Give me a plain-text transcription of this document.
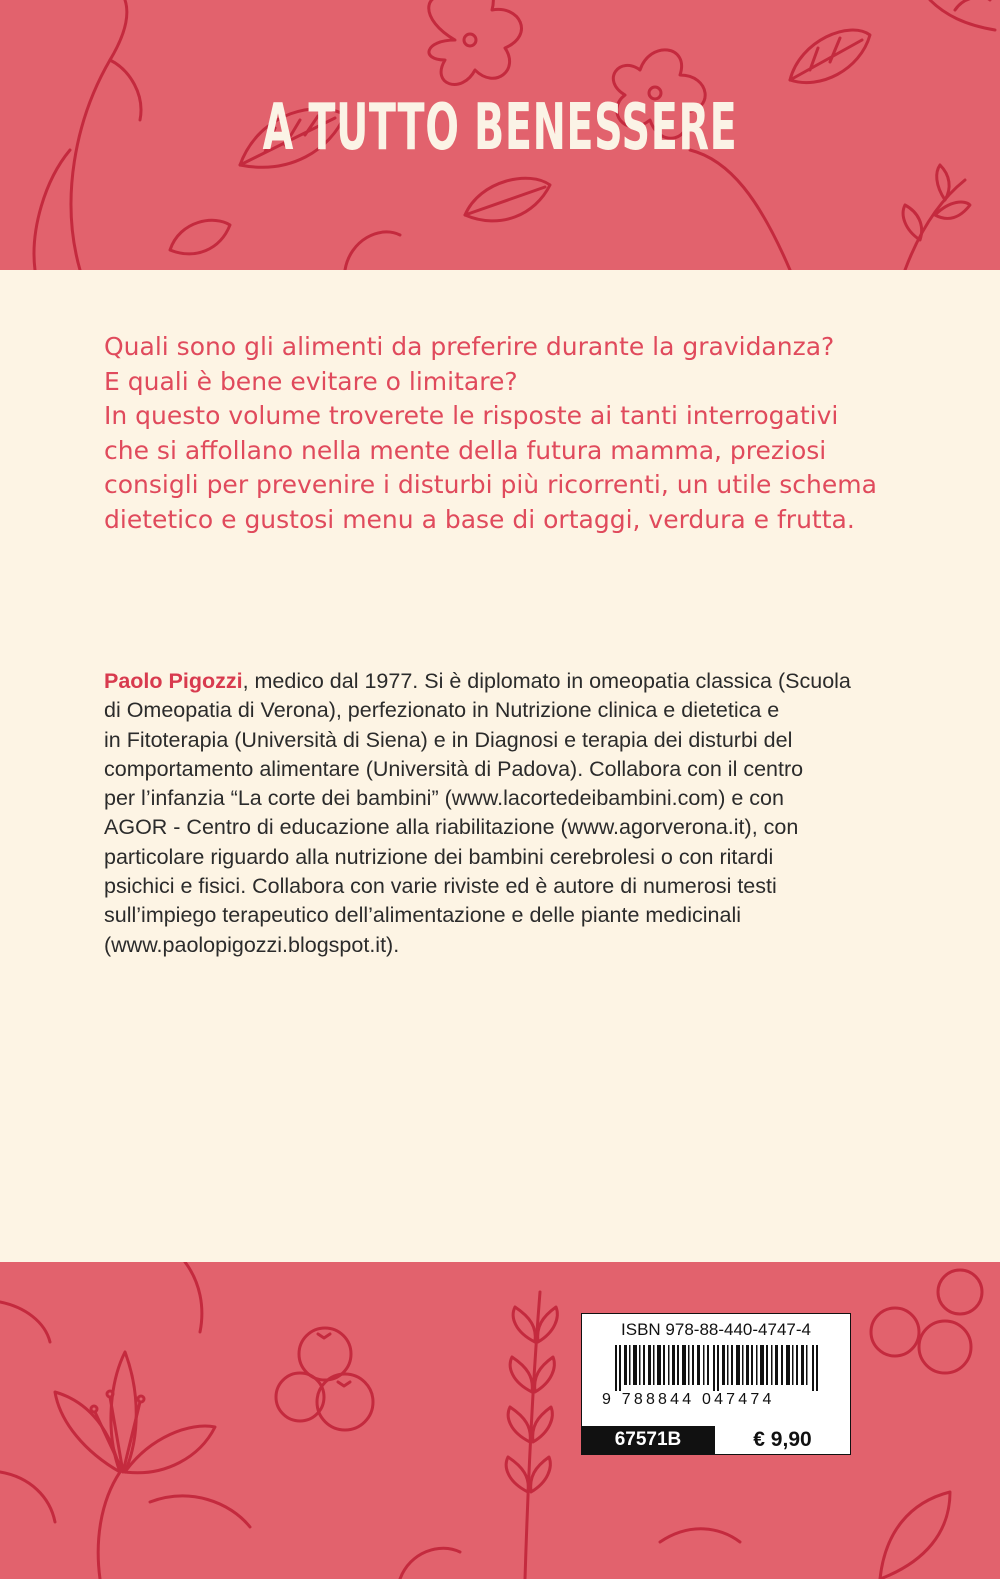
A TUTTO BENESSERE

Quali sono gli alimenti da preferire durante la gravidanza?
E quali è bene evitare o limitare?
In questo volume troverete le risposte ai tanti interrogativi
che si affollano nella mente della futura mamma, preziosi
consigli per prevenire i disturbi più ricorrenti, un utile schema
dietetico e gustosi menu a base di ortaggi, verdura e frutta.

Paolo Pigozzi, medico dal 1977. Si è diplomato in omeopatia classica (Scuola
di Omeopatia di Verona), perfezionato in Nutrizione clinica e dietetica e
in Fitoterapia (Università di Siena) e in Diagnosi e terapia dei disturbi del
comportamento alimentare (Università di Padova). Collabora con il centro
per l’infanzia “La corte dei bambini” (www.lacortedeibambini.com) e con
AGOR - Centro di educazione alla riabilitazione (www.agorverona.it), con
particolare riguardo alla nutrizione dei bambini cerebrolesi o con ritardi
psichici e fisici. Collabora con varie riviste ed è autore di numerosi testi
sull’impiego terapeutico dell’alimentazione e delle piante medicinali
(www.paolopigozzi.blogspot.it).

ISBN 978-88-440-4747-4
9 788844 047474
67571B	€ 9,90
